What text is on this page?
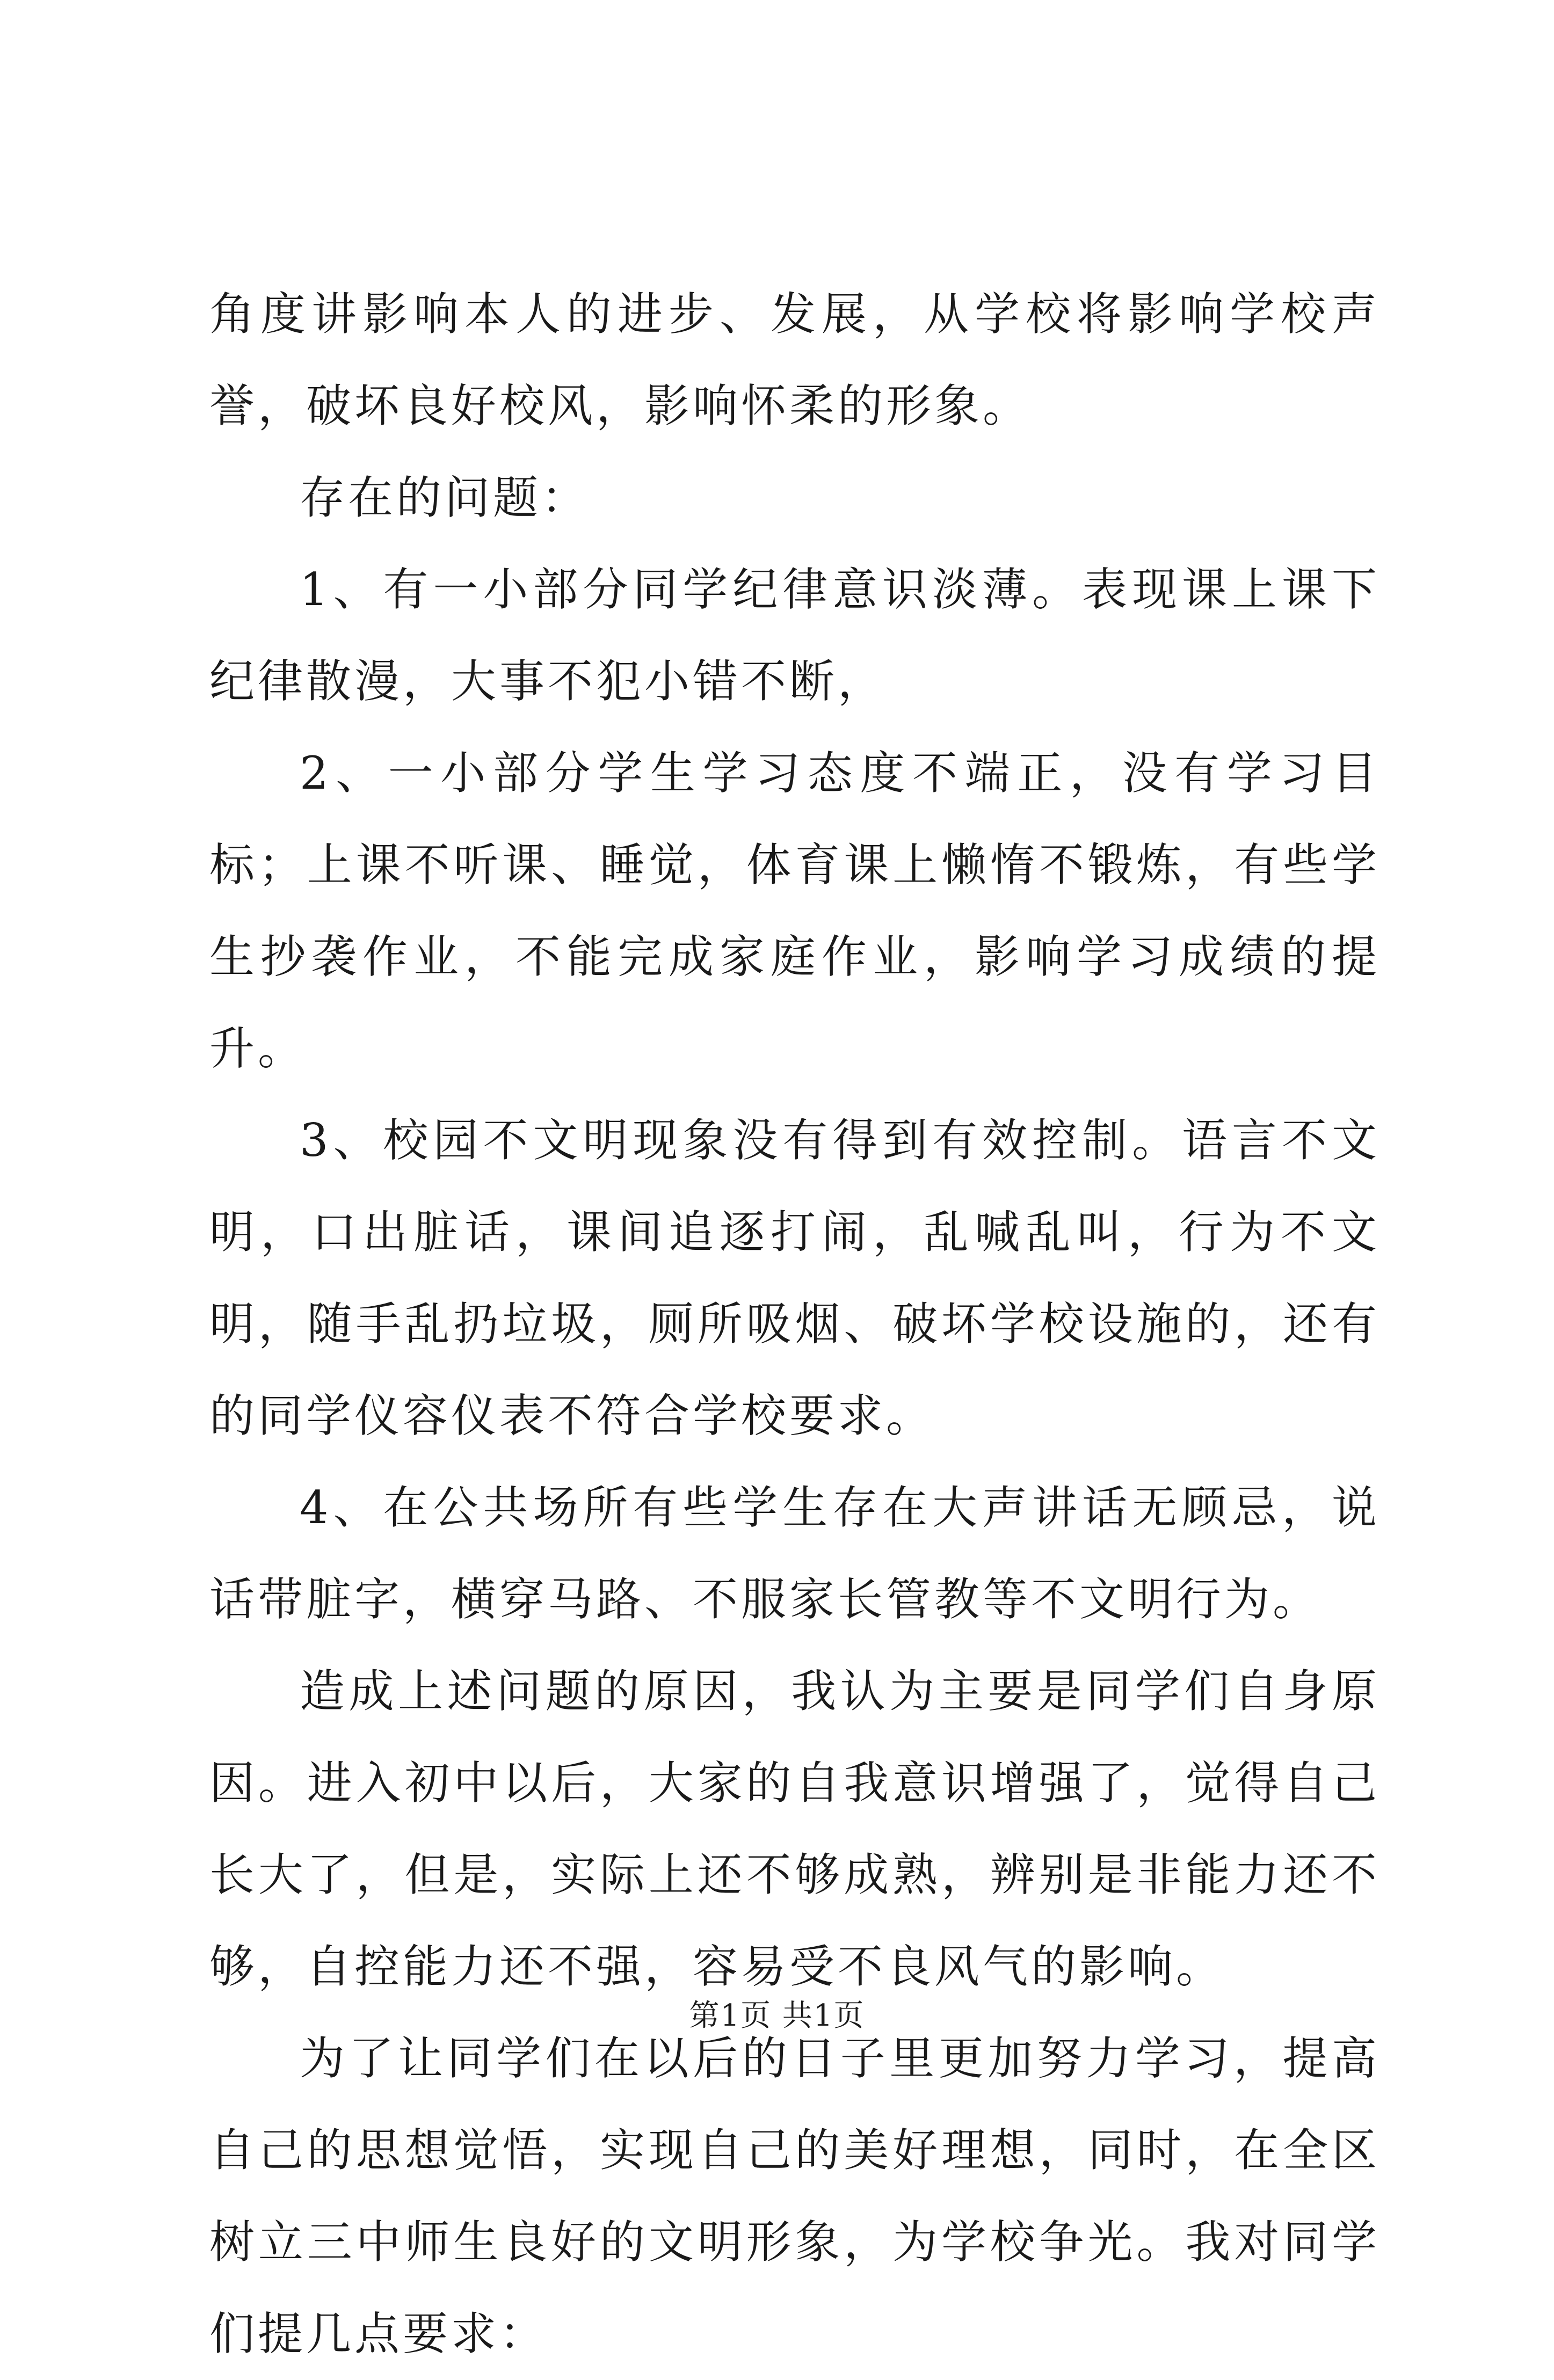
角度讲影响本人的进步、发展，从学校将影响学校声誉，破坏良好校风，影响怀柔的形象。

存在的问题：

1、有一小部分同学纪律意识淡薄。表现课上课下纪律散漫，大事不犯小错不断，

2、一小部分学生学习态度不端正，没有学习目标；上课不听课、睡觉，体育课上懒惰不锻炼，有些学生抄袭作业，不能完成家庭作业，影响学习成绩的提升。

3、校园不文明现象没有得到有效控制。语言不文明，口出脏话，课间追逐打闹，乱喊乱叫，行为不文明，随手乱扔垃圾，厕所吸烟、破坏学校设施的，还有的同学仪容仪表不符合学校要求。

4、在公共场所有些学生存在大声讲话无顾忌，说话带脏字，横穿马路、不服家长管教等不文明行为。

造成上述问题的原因，我认为主要是同学们自身原因。进入初中以后，大家的自我意识增强了，觉得自己长大了，但是，实际上还不够成熟，辨别是非能力还不够，自控能力还不强，容易受不良风气的影响。

为了让同学们在以后的日子里更加努力学习，提高自己的思想觉悟，实现自己的美好理想，同时，在全区树立三中师生良好的文明形象，为学校争光。我对同学们提几点要求：

第1页 共1页
